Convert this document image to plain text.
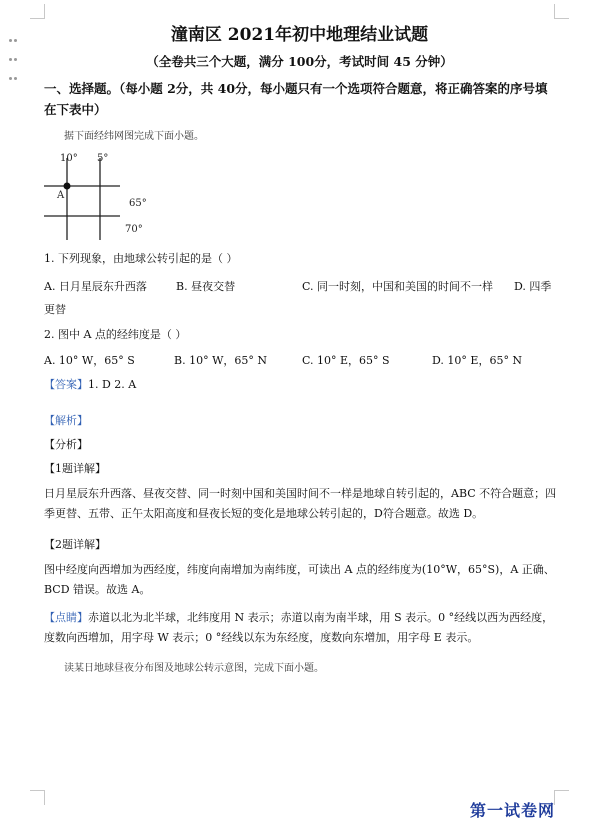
潼南区 2021年初中地理结业试题
（全卷共三个大题，满分 100分，考试时间 45 分钟）
一、选择题。（每小题 2分，共 40分，每小题只有一个选项符合题意，将正确答案的序号填
在下表中）
据下面经纬网图完成下面小题。
10° 5°
A
65°
70°
1. 下列现象，由地球公转引起的是（ ）
A. 日月星辰东升西落	B. 昼夜交替	C. 同一时刻，中国和美国的时间不一样 D. 四季
更替
2. 图中 A 点的经纬度是（ ）
A. 10° W，65° S	B. 10° W，65° N	C. 10° E，65° S	D. 10° E，65° N
【答案】1. D 2. A
【解析】
【分析】
【1题详解】
日月星辰东升西落、昼夜交替、同一时刻中国和美国时间不一样是地球自转引起的，ABC 不符合题意；四季更替、五带、正午太阳高度和昼夜长短的变化是地球公转引起的，D符合题意。故选 D。
【2题详解】
图中经度向西增加为西经度，纬度向南增加为南纬度，可读出 A 点的经纬度为(10°W，65°S)，A 正确、BCD 错误。故选 A。
【点睛】赤道以北为北半球，北纬度用 N 表示；赤道以南为南半球，用 S 表示。0 °经线以西为西经度，度数向西增加，用字母 W 表示；0 °经线以东为东经度，度数向东增加，用字母 E 表示。
读某日地球昼夜分布图及地球公转示意图，完成下面小题。
第一试卷网
